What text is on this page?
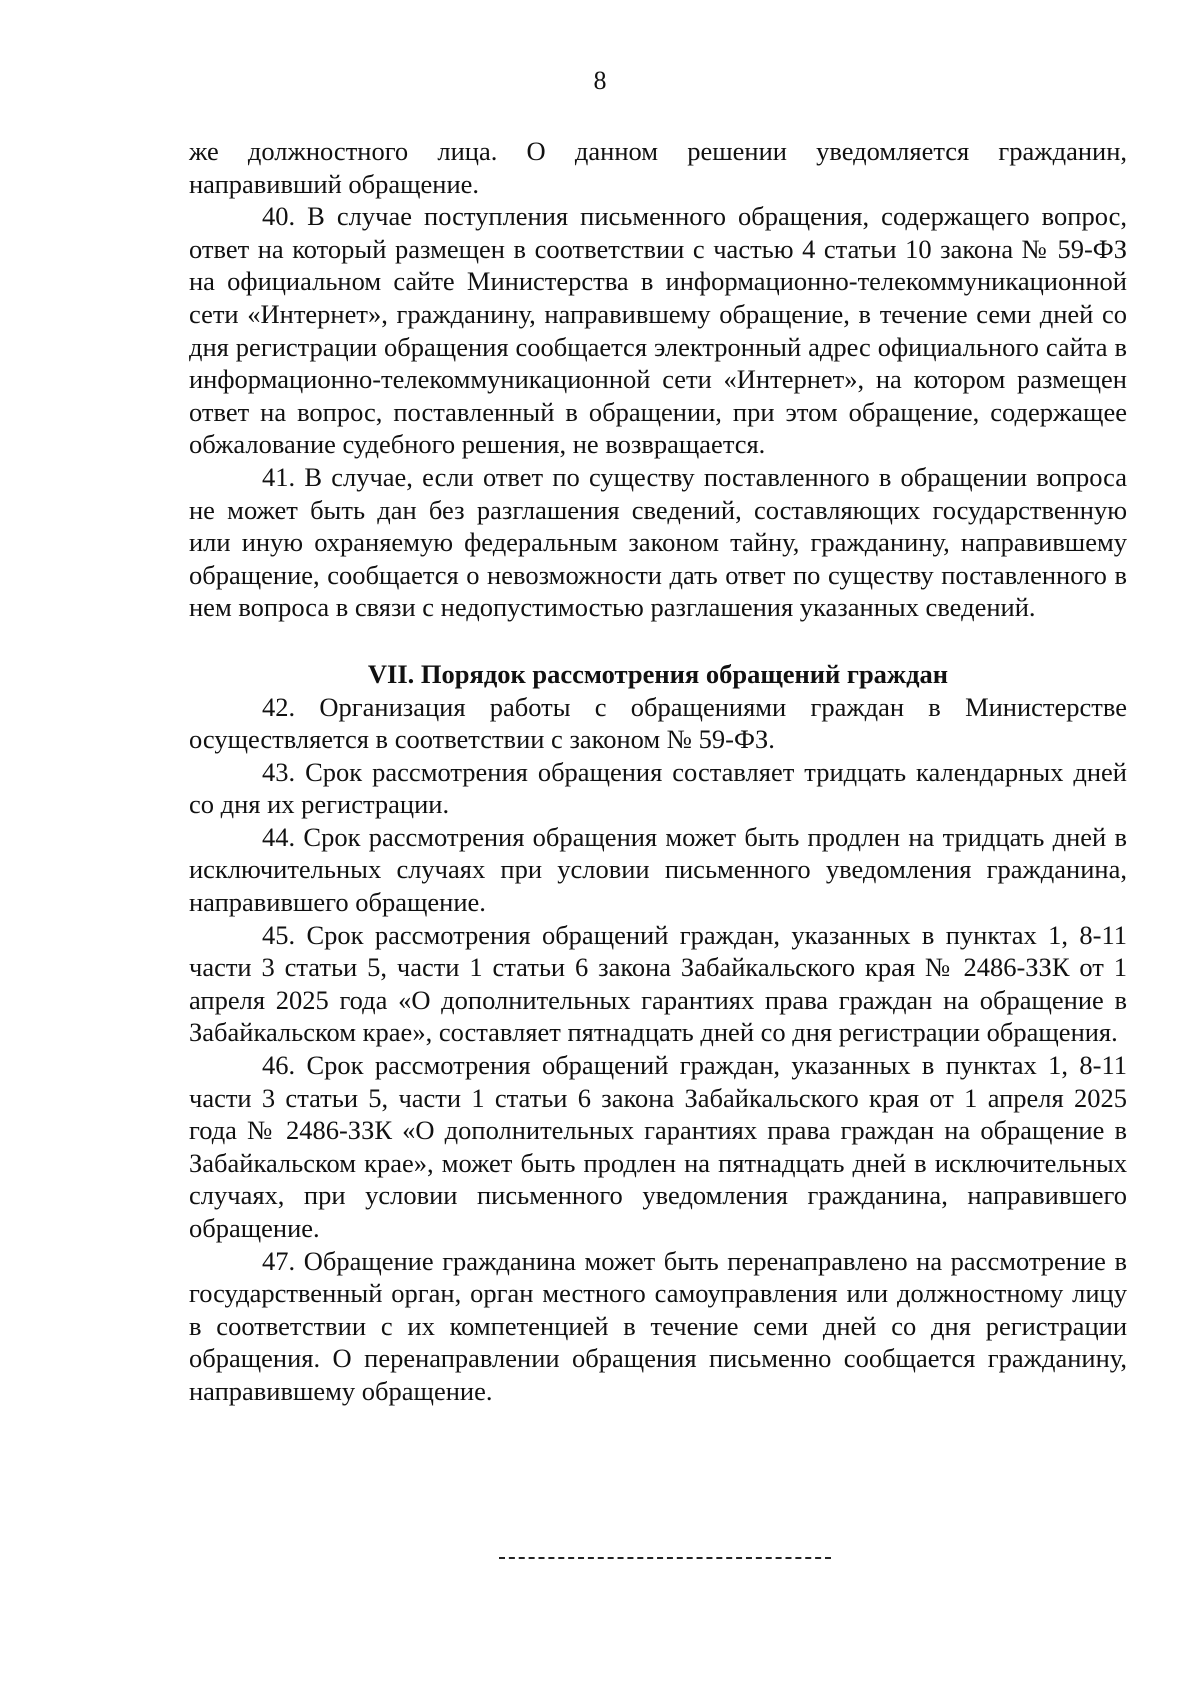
8

же должностного лица. О данном решении уведомляется гражданин, направивший обращение.

40. В случае поступления письменного обращения, содержащего вопрос, ответ на который размещен в соответствии с частью 4 статьи 10 закона № 59-ФЗ на официальном сайте Министерства в информационно-телекоммуникационной сети «Интернет», гражданину, направившему обращение, в течение семи дней со дня регистрации обращения сообщается электронный адрес официального сайта в информационно-телекоммуникационной сети «Интернет», на котором размещен ответ на вопрос, поставленный в обращении, при этом обращение, содержащее обжалование судебного решения, не возвращается.

41. В случае, если ответ по существу поставленного в обращении вопроса не может быть дан без разглашения сведений, составляющих государственную или иную охраняемую федеральным законом тайну, гражданину, направившему обращение, сообщается о невозможности дать ответ по существу поставленного в нем вопроса в связи с недопустимостью разглашения указанных сведений.

VII. Порядок рассмотрения обращений граждан

42. Организация работы с обращениями граждан в Министерстве осуществляется в соответствии с законом № 59-ФЗ.

43. Срок рассмотрения обращения составляет тридцать календарных дней со дня их регистрации.

44. Срок рассмотрения обращения может быть продлен на тридцать дней в исключительных случаях при условии письменного уведомления гражданина, направившего обращение.

45. Срок рассмотрения обращений граждан, указанных в пунктах 1, 8-11 части 3 статьи 5, части 1 статьи 6 закона Забайкальского края № 2486-ЗЗК от 1 апреля 2025 года «О дополнительных гарантиях права граждан на обращение в Забайкальском крае», составляет пятнадцать дней со дня регистрации обращения.

46. Срок рассмотрения обращений граждан, указанных в пунктах 1, 8-11 части 3 статьи 5, части 1 статьи 6 закона Забайкальского края от 1 апреля 2025 года № 2486-ЗЗК «О дополнительных гарантиях права граждан на обращение в Забайкальском крае», может быть продлен на пятнадцать дней в исключительных случаях, при условии письменного уведомления гражданина, направившего обращение.

47. Обращение гражданина может быть перенаправлено на рассмотрение в государственный орган, орган местного самоуправления или должностному лицу в соответствии с их компетенцией в течение семи дней со дня регистрации обращения. О перенаправлении обращения письменно сообщается гражданину, направившему обращение.
